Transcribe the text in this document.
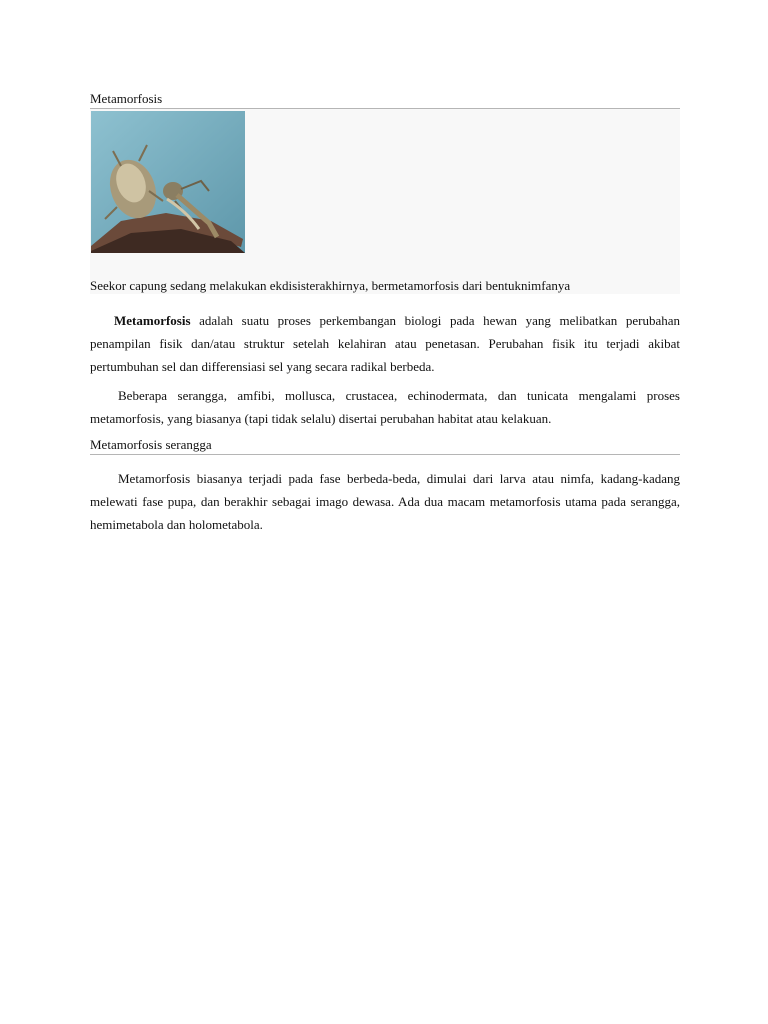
Metamorfosis
Seekor capung sedang melakukan ekdisisterakhirnya, bermetamorfosis dari bentuknimfanya

Metamorfosis adalah suatu proses perkembangan biologi pada hewan yang melibatkan perubahan penampilan fisik dan/atau struktur setelah kelahiran atau penetasan. Perubahan fisik itu terjadi akibat pertumbuhan sel dan differensiasi sel yang secara radikal berbeda.

Beberapa serangga, amfibi, mollusca, crustacea, echinodermata, dan tunicata mengalami proses metamorfosis, yang biasanya (tapi tidak selalu) disertai perubahan habitat atau kelakuan.

Metamorfosis serangga

Metamorfosis biasanya terjadi pada fase berbeda-beda, dimulai dari larva atau nimfa, kadang-kadang melewati fase pupa, dan berakhir sebagai imago dewasa. Ada dua macam metamorfosis utama pada serangga, hemimetabola dan holometabola.
